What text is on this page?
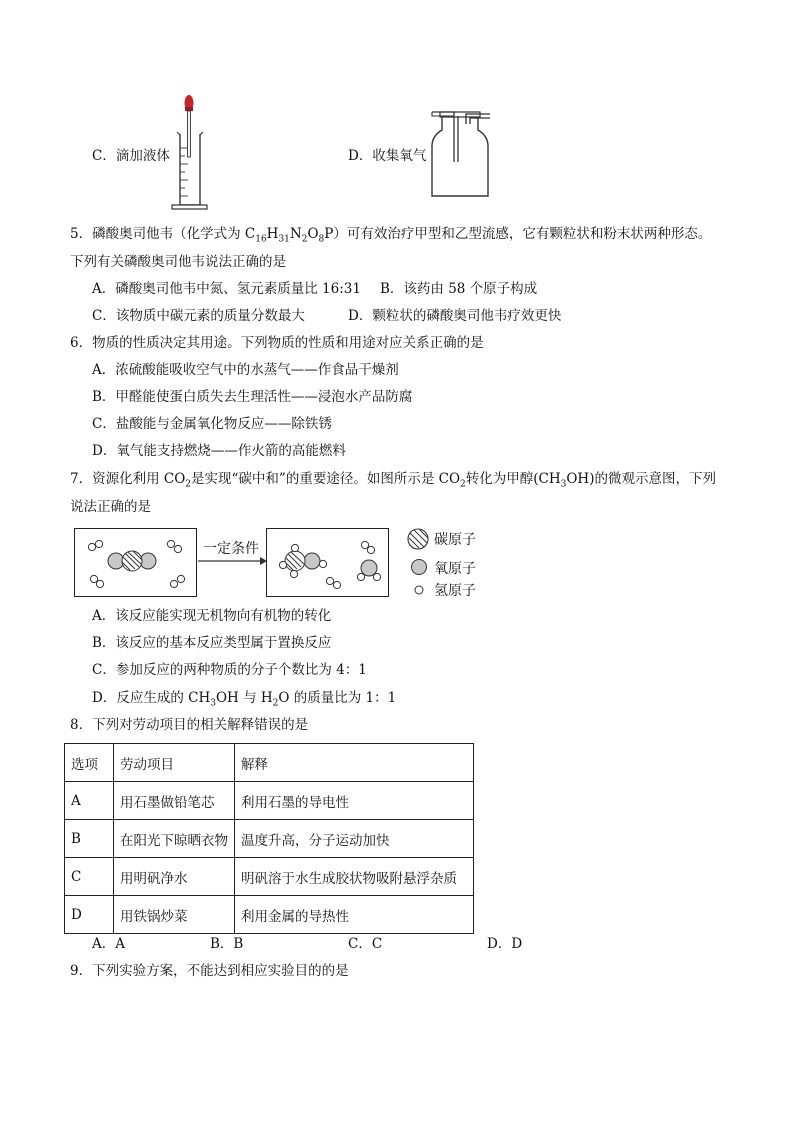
C．滴加液体	D．收集氧气
5．磷酸奥司他韦（化学式为 $C_{16}H_{31}N_2O_8P$）可有效治疗甲型和乙型流感，它有颗粒状和粉末状两种形态。
下列有关磷酸奥司他韦说法正确的是
A．磷酸奥司他韦中氮、氢元素质量比 16:31 B．该药由 58 个原子构成
C．该物质中碳元素的质量分数最大	D．颗粒状的磷酸奥司他韦疗效更快
6．物质的性质决定其用途。下列物质的性质和用途对应关系正确的是
A．浓硫酸能吸收空气中的水蒸气——作食品干燥剂
B．甲醛能使蛋白质失去生理活性——浸泡水产品防腐
C．盐酸能与金属氧化物反应——除铁锈
D．氧气能支持燃烧——作火箭的高能燃料
7．资源化利用 $CO_2$是实现“碳中和”的重要途径。如图所示是 $CO_2$转化为甲醇$(CH_3OH)$的微观示意图，下列
说法正确的是
一定条件
碳原子
氧原子
氢原子
A．该反应能实现无机物向有机物的转化
B．该反应的基本反应类型属于置换反应
C．参加反应的两种物质的分子个数比为 4：1
D．反应生成的 $CH_3OH$ 与 $H_2O$ 的质量比为 1：1
8．下列对劳动项目的相关解释错误的是
选项	劳动项目	解释
A	用石墨做铅笔芯	利用石墨的导电性
B	在阳光下晾晒衣物	温度升高，分子运动加快
C	用明矾净水	明矾溶于水生成胶状物吸附悬浮杂质
D	用铁锅炒菜	利用金属的导热性
A．A	B．B	C．C	D．D
9．下列实验方案，不能达到相应实验目的的是
